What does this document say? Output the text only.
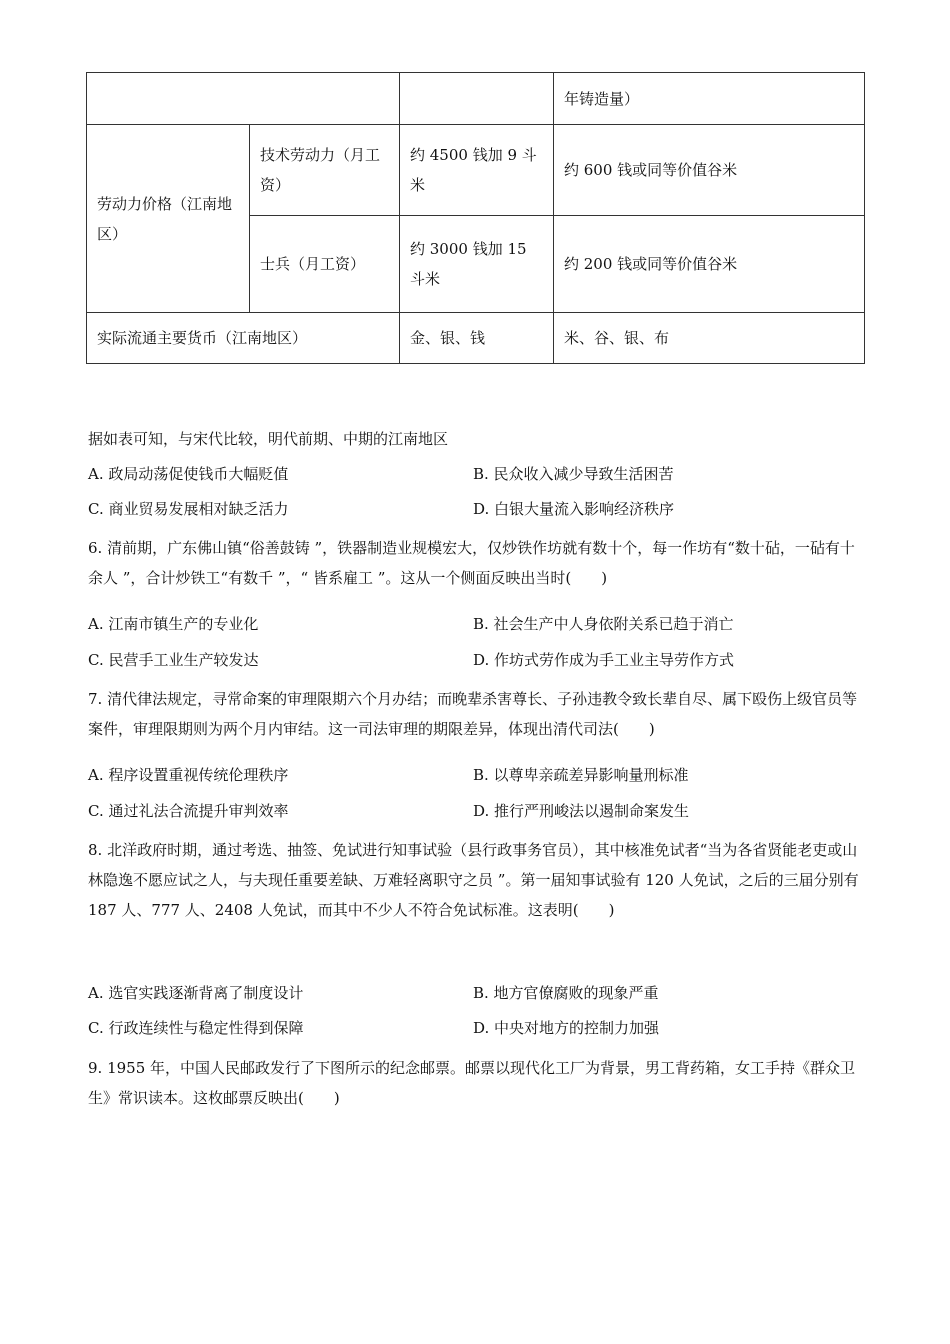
			年铸造量）
劳动力价格（江南地区）	技术劳动力（月工资）	约 4500 钱加 9 斗米	约 600 钱或同等价值谷米
	士兵（月工资）	约 3000 钱加 15 斗米	约 200 钱或同等价值谷米
实际流通主要货币（江南地区）		金、银、钱	米、谷、银、布
据如表可知，与宋代比较，明代前期、中期的江南地区
A. 政局动荡促使钱币大幅贬值	B. 民众收入减少导致生活困苦
C. 商业贸易发展相对缺乏活力	D. 白银大量流入影响经济秩序
6. 清前期，广东佛山镇“俗善鼓铸 ”，铁器制造业规模宏大，仅炒铁作坊就有数十个，每一作坊有“数十砧，一砧有十余人 ”，合计炒铁工“有数千 ”，“ 皆系雇工 ”。这从一个侧面反映出当时(　　)
A. 江南市镇生产的专业化	B. 社会生产中人身依附关系已趋于消亡
C. 民营手工业生产较发达	D. 作坊式劳作成为手工业主导劳作方式
7. 清代律法规定，寻常命案的审理限期六个月办结；而晚辈杀害尊长、子孙违教令致长辈自尽、属下殴伤上级官员等案件，审理限期则为两个月内审结。这一司法审理的期限差异，体现出清代司法(　　)
A. 程序设置重视传统伦理秩序	B. 以尊卑亲疏差异影响量刑标准
C. 通过礼法合流提升审判效率	D. 推行严刑峻法以遏制命案发生
8. 北洋政府时期，通过考选、抽签、免试进行知事试验（县行政事务官员），其中核准免试者“当为各省贤能老吏或山林隐逸不愿应试之人，与夫现任重要差缺、万难轻离职守之员 ”。第一届知事试验有 120 人免试，之后的三届分别有 187 人、777 人、2408 人免试，而其中不少人不符合免试标准。这表明(　　)
A. 选官实践逐渐背离了制度设计	B. 地方官僚腐败的现象严重
C. 行政连续性与稳定性得到保障	D. 中央对地方的控制力加强
9. 1955 年，中国人民邮政发行了下图所示的纪念邮票。邮票以现代化工厂为背景，男工背药箱，女工手持《群众卫生》常识读本。这枚邮票反映出(　　)
